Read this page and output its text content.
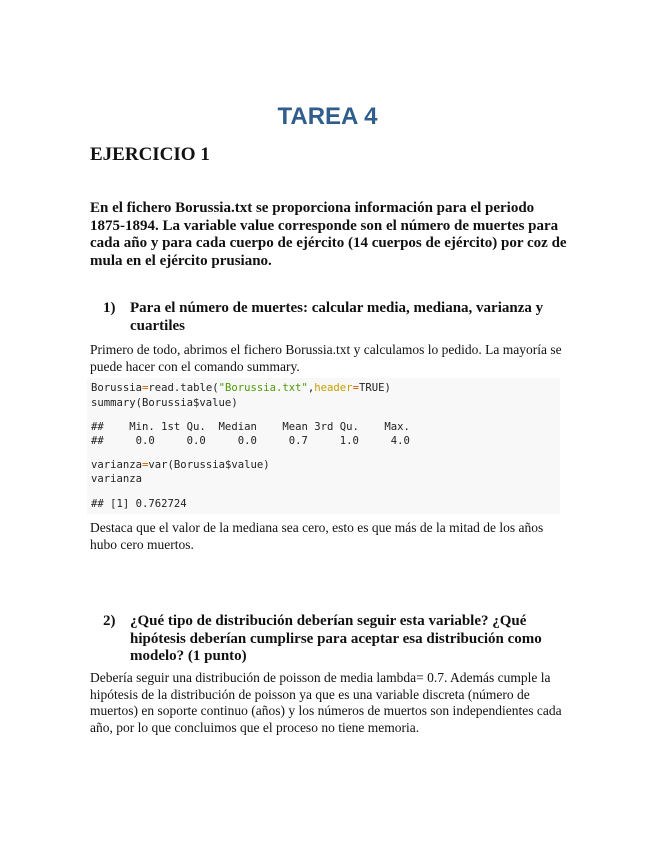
TAREA 4
EJERCICIO 1
En el fichero Borussia.txt se proporciona información para el periodo 1875-1894. La variable value corresponde son el número de muertes para cada año y para cada cuerpo de ejército (14 cuerpos de ejército) por coz de mula en el ejército prusiano.
1) Para el número de muertes: calcular media, mediana, varianza y cuartiles
Primero de todo, abrimos el fichero Borussia.txt y calculamos lo pedido. La mayoría se puede hacer con el comando summary.
Borussia=read.table("Borussia.txt",header=TRUE)
summary(Borussia$value)
##    Min. 1st Qu.  Median    Mean 3rd Qu.    Max.
##     0.0     0.0     0.0     0.7     1.0     4.0
varianza=var(Borussia$value)
varianza
## [1] 0.762724
Destaca que el valor de la mediana sea cero, esto es que más de la mitad de los años hubo cero muertos.
2) ¿Qué tipo de distribución deberían seguir esta variable? ¿Qué hipótesis deberían cumplirse para aceptar esa distribución como modelo? (1 punto)
Debería seguir una distribución de poisson de media lambda= 0.7. Además cumple la hipótesis de la distribución de poisson ya que es una variable discreta (número de muertos) en soporte continuo (años) y los números de muertos son independientes cada año, por lo que concluimos que el proceso no tiene memoria.
